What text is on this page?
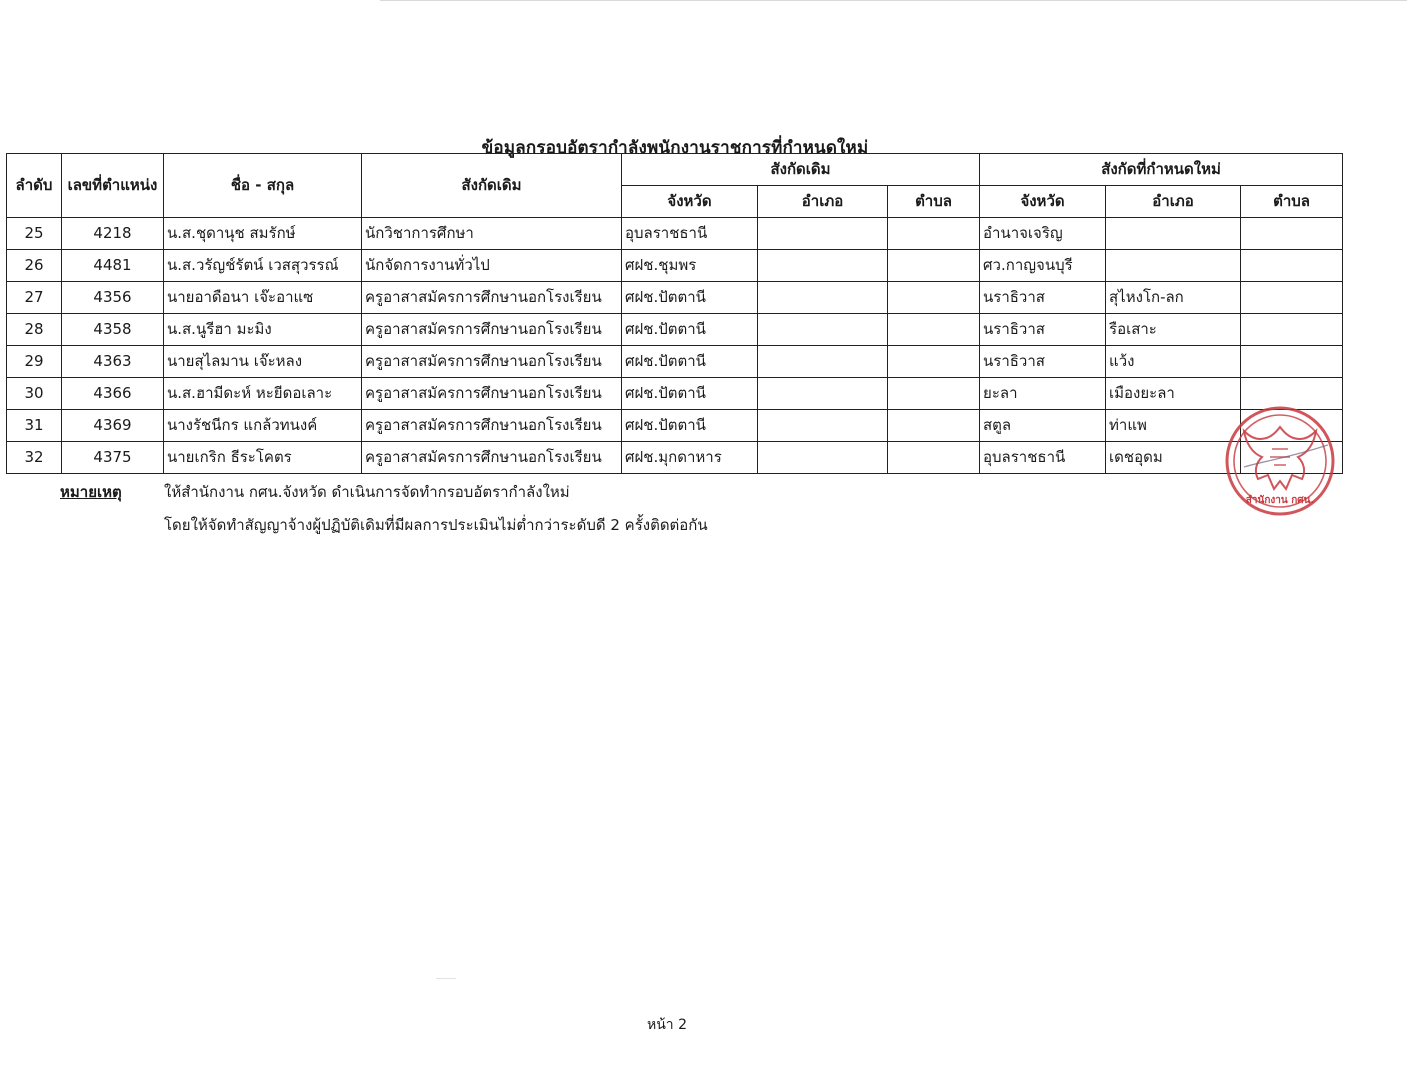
ข้อมูลกรอบอัตรากำลังพนักงานราชการที่กำหนดใหม่
ลำดับ	เลขที่ตำแหน่ง	ชื่อ - สกุล	สังกัดเดิม	สังกัดเดิม			สังกัดที่กำหนดใหม่		
				จังหวัด	อำเภอ	ตำบล	จังหวัด	อำเภอ	ตำบล
25	4218	น.ส.ชุดานุช สมรักษ์	นักวิชาการศึกษา	อุบลราชธานี			อำนาจเจริญ		
26	4481	น.ส.วรัญช์รัตน์ เวสสุวรรณ์	นักจัดการงานทั่วไป	ศฝช.ชุมพร			ศว.กาญจนบุรี		
27	4356	นายอาดือนา เจ๊ะอาแซ	ครูอาสาสมัครการศึกษานอกโรงเรียน	ศฝช.ปัตตานี			นราธิวาส	สุไหงโก-ลก	
28	4358	น.ส.นูรีฮา มะมิง	ครูอาสาสมัครการศึกษานอกโรงเรียน	ศฝช.ปัตตานี			นราธิวาส	รือเสาะ	
29	4363	นายสุไลมาน เจ๊ะหลง	ครูอาสาสมัครการศึกษานอกโรงเรียน	ศฝช.ปัตตานี			นราธิวาส	แว้ง	
30	4366	น.ส.ฮามีดะห์ หะยีดอเลาะ	ครูอาสาสมัครการศึกษานอกโรงเรียน	ศฝช.ปัตตานี			ยะลา	เมืองยะลา	
31	4369	นางรัชนีกร แกล้วทนงค์	ครูอาสาสมัครการศึกษานอกโรงเรียน	ศฝช.ปัตตานี			สตูล	ท่าแพ	
32	4375	นายเกริก ธีระโคตร	ครูอาสาสมัครการศึกษานอกโรงเรียน	ศฝช.มุกดาหาร			อุบลราชธานี	เดชอุดม	
สำนักงาน กศน.
หมายเหตุ	ให้สำนักงาน กศน.จังหวัด ดำเนินการจัดทำกรอบอัตรากำลังใหม่
โดยให้จัดทำสัญญาจ้างผู้ปฏิบัติเดิมที่มีผลการประเมินไม่ต่ำกว่าระดับดี 2 ครั้งติดต่อกัน
หน้า 2
